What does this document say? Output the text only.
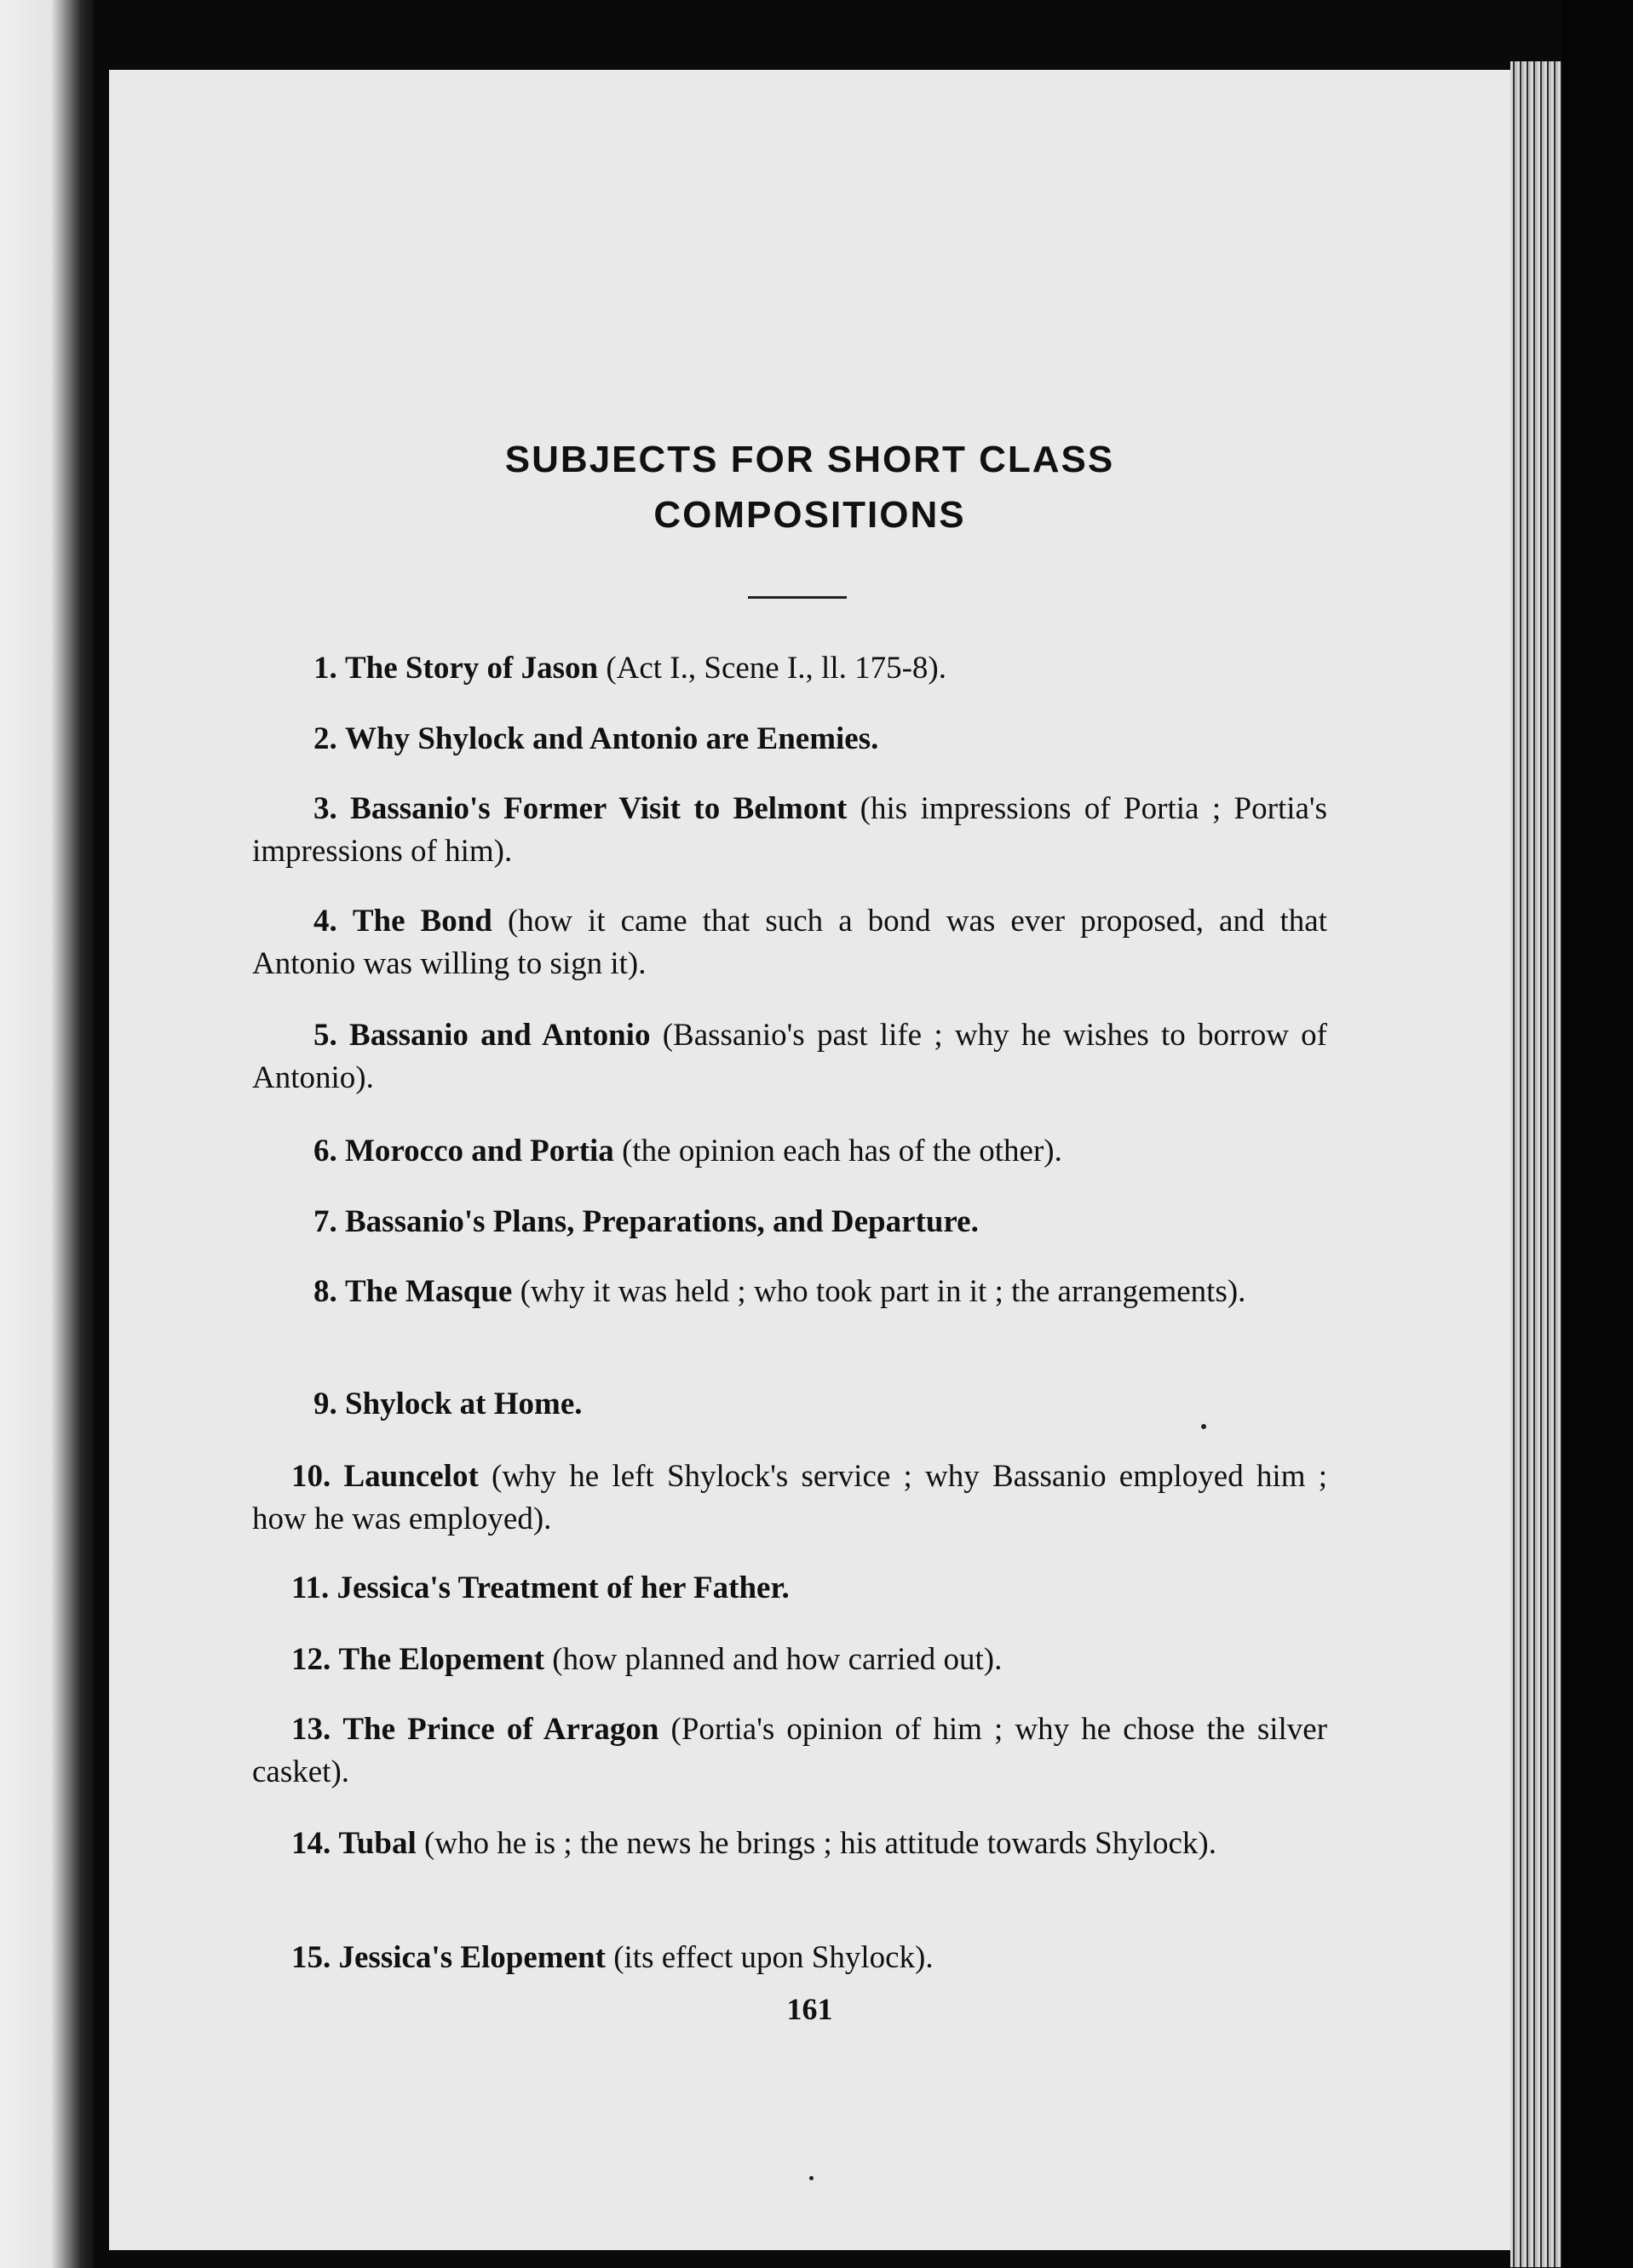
SUBJECTS FOR SHORT CLASS
COMPOSITIONS
1. The Story of Jason (Act I., Scene I., ll. 175-8).
2. Why Shylock and Antonio are Enemies.
3. Bassanio's Former Visit to Belmont (his impressions of Portia ; Portia's impressions of him).
4. The Bond (how it came that such a bond was ever proposed, and that Antonio was willing to sign it).
5. Bassanio and Antonio (Bassanio's past life ; why he wishes to borrow of Antonio).
6. Morocco and Portia (the opinion each has of the other).
7. Bassanio's Plans, Preparations, and Departure.
8. The Masque (why it was held ; who took part in it ; the arrangements).
9. Shylock at Home.
10. Launcelot (why he left Shylock's service ; why Bassanio employed him ; how he was employed).
11. Jessica's Treatment of her Father.
12. The Elopement (how planned and how carried out).
13. The Prince of Arragon (Portia's opinion of him ; why he chose the silver casket).
14. Tubal (who he is ; the news he brings ; his attitude towards Shylock).
15. Jessica's Elopement (its effect upon Shylock).
161
